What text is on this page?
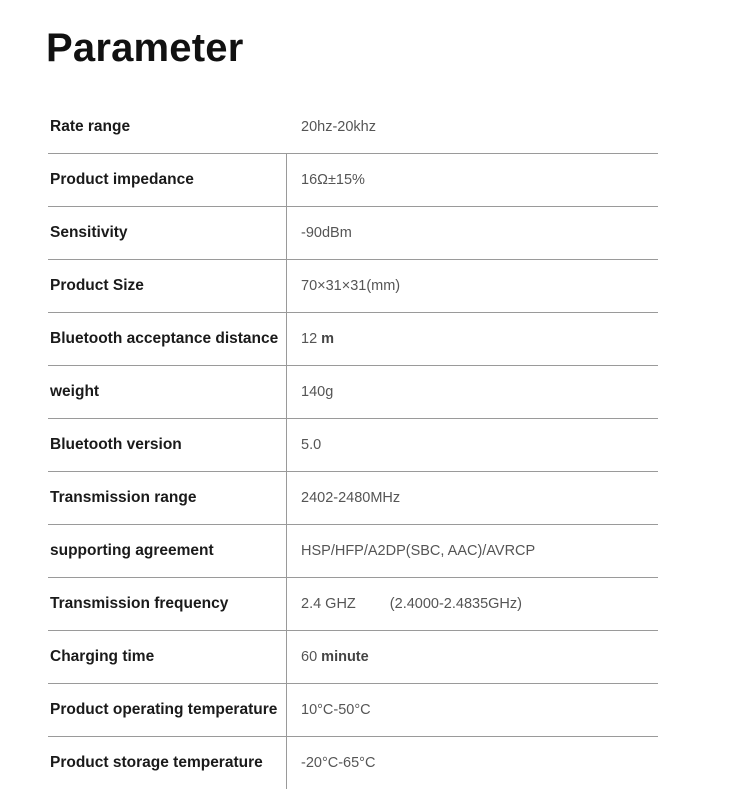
Parameter
Rate range	20hz-20khz
Product impedance	16Ω±15%
Sensitivity	-90dBm
Product Size	70×31×31(mm)
Bluetooth acceptance distance 12 m
weight	140g
Bluetooth version	5.0
Transmission range	2402-2480MHz
supporting agreement	HSP/HFP/A2DP(SBC, AAC)/AVRCP
Transmission frequency	2.4 GHZ (2.4000-2.4835GHz)
Charging time	60 minute
Product operating temperature 10°C-50°C
Product storage temperature	-20°C-65°C
